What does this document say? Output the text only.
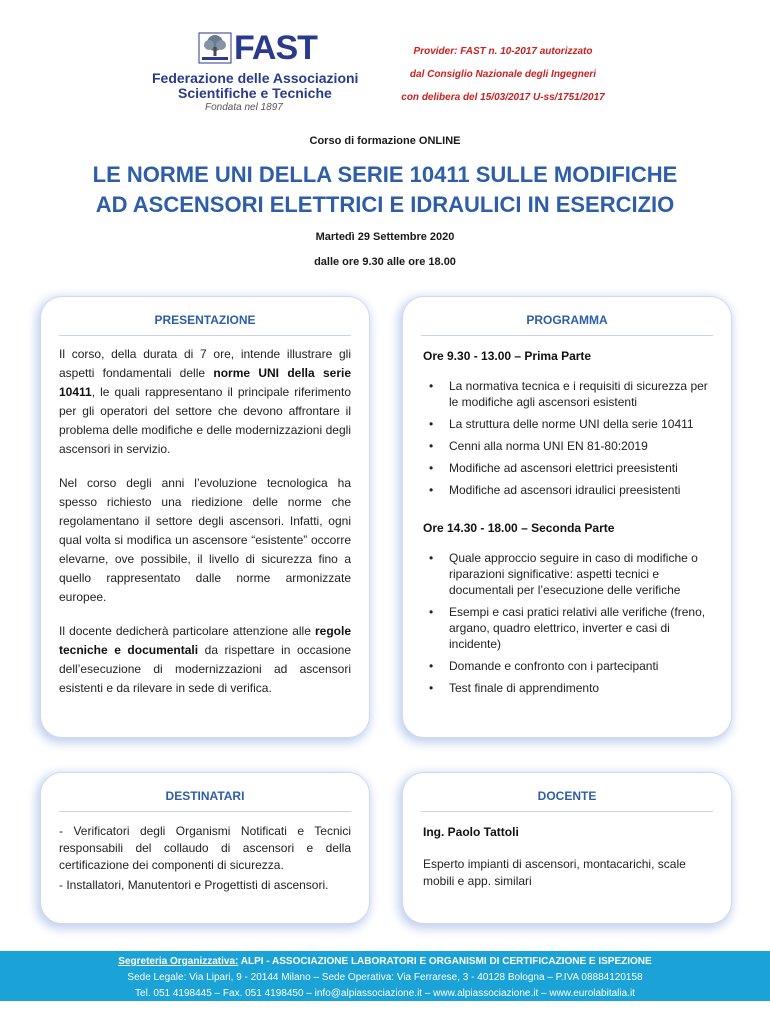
FAST
Federazione delle Associazioni
Scientifiche e Tecniche
Fondata nel 1897
Provider: FAST n. 10-2017 autorizzato
dal Consiglio Nazionale degli Ingegneri
con delibera del 15/03/2017 U-ss/1751/2017
Corso di formazione ONLINE
LE NORME UNI DELLA SERIE 10411 SULLE MODIFICHE
AD ASCENSORI ELETTRICI E IDRAULICI IN ESERCIZIO
Martedì 29 Settembre 2020
dalle ore 9.30 alle ore 18.00
PRESENTAZIONE
Il corso, della durata di 7 ore, intende illustrare gli aspetti fondamentali delle norme UNI della serie 10411, le quali rappresentano il principale riferimento per gli operatori del settore che devono affrontare il problema delle modifiche e delle modernizzazioni degli ascensori in servizio.
Nel corso degli anni l’evoluzione tecnologica ha spesso richiesto una riedizione delle norme che regolamentano il settore degli ascensori. Infatti, ogni qual volta si modifica un ascensore “esistente” occorre elevarne, ove possibile, il livello di sicurezza fino a quello rappresentato dalle norme armonizzate europee.
Il docente dedicherà particolare attenzione alle regole tecniche e documentali da rispettare in occasione dell’esecuzione di modernizzazioni ad ascensori esistenti e da rilevare in sede di verifica.
PROGRAMMA
Ore 9.30 - 13.00 – Prima Parte
• La normativa tecnica e i requisiti di sicurezza per le modifiche agli ascensori esistenti
• La struttura delle norme UNI della serie 10411
• Cenni alla norma UNI EN 81-80:2019
• Modifiche ad ascensori elettrici preesistenti
• Modifiche ad ascensori idraulici preesistenti
Ore 14.30 - 18.00 – Seconda Parte
• Quale approccio seguire in caso di modifiche o riparazioni significative: aspetti tecnici e documentali per l’esecuzione delle verifiche
• Esempi e casi pratici relativi alle verifiche (freno, argano, quadro elettrico, inverter e casi di incidente)
• Domande e confronto con i partecipanti
• Test finale di apprendimento
DESTINATARI
- Verificatori degli Organismi Notificati e Tecnici responsabili del collaudo di ascensori e della certificazione dei componenti di sicurezza.
- Installatori, Manutentori e Progettisti di ascensori.
DOCENTE
Ing. Paolo Tattoli
Esperto impianti di ascensori, montacarichi, scale mobili e app. similari
Segreteria Organizzativa: ALPI - ASSOCIAZIONE LABORATORI E ORGANISMI DI CERTIFICAZIONE E ISPEZIONE
Sede Legale: Via Lipari, 9 - 20144 Milano – Sede Operativa: Via Ferrarese, 3 - 40128 Bologna – P.IVA 08884120158
Tel. 051 4198445 – Fax. 051 4198450 – info@alpiassociazione.it – www.alpiassociazione.it – www.eurolabitalia.it
